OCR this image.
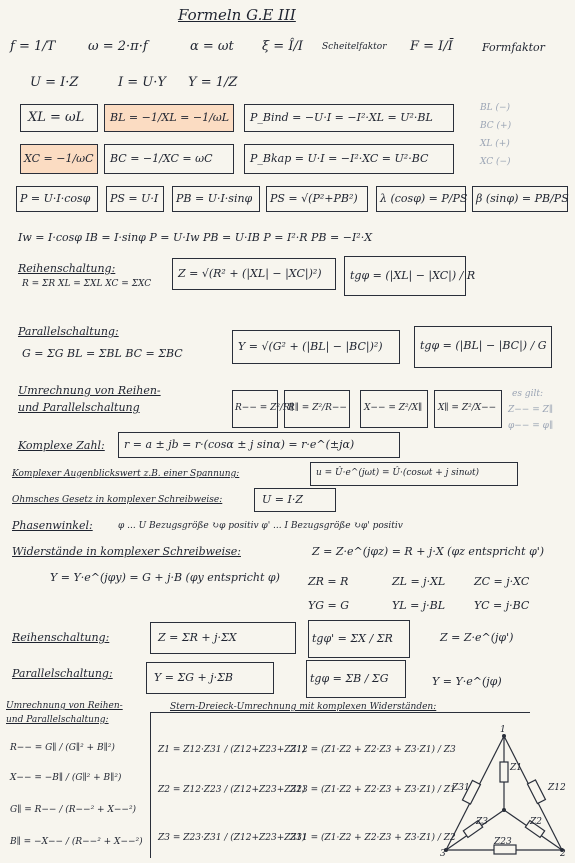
Formeln G.E III
f = 1/T	ω = 2·π·f	α = ωt ξ = Î/I Scheitelfaktor F = I/Ī	Formfaktor
U = I·Z	I = U·Y Y = 1/Z
XL = ωL BL = −1/XL = −1/ωL P_Bind = −U·I = −I²·XL = U²·BL
BL (−)
BC (+)
XL (+)
XC (−)
XC = −1/ωC BC = −1/XC = ωC	P_Bkap = U·I = −I²·XC = U²·BC
P = U·I·cosφ PS = U·I PB = U·I·sinφ PS = √(P²+PB²) λ (cosφ) = P/PS β (sinφ) = PB/PS
Iw = I·cosφ IB = I·sinφ P = U·Iw PB = U·IB P = I²·R PB = −I²·X
Reihenschaltung:
R = ΣR XL = ΣXL XC = ΣXC
Z = √(R² + (|XL| − |XC|)²)	tgφ = (|XL| − |XC|) / R
Parallelschaltung:
G = ΣG BL = ΣBL BC = ΣBC
Y = √(G² + (|BL| − |BC|)²)	tgφ = (|BL| − |BC|) / G
Umrechnung von Reihen-
und Parallelschaltung	R−− = Z²/R∥
R∥ = Z²/R−− X−− = Z²/X∥ X∥ = Z²/X−−
es gilt:
Z−− = Z∥
φ−− = φ∥
Komplexe Zahl: r = a ± jb = r·(cosα ± j sinα) = r·e^(±jα)
Komplexer Augenblickswert z.B. einer Spannung:	u = Û·e^(jωt) = Û·(cosωt + j sinωt)
Ohmsches Gesetz in komplexer Schreibweise:	U = I·Z
Phasenwinkel:	φ ... U Bezugsgröße ↻φ positiv φ' ... I Bezugsgröße ↻φ' positiv
Widerstände in komplexer Schreibweise:	Z = Z·e^(jφz) = R + j·X (φz entspricht φ')
Y = Y·e^(jφy) = G + j·B (φy entspricht φ)	ZR = R	ZL = j·XL	ZC = j·XC
YG = G	YL = j·BL	YC = j·BC
Reihenschaltung:	Z = ΣR + j·ΣX	tgφ' = ΣX / ΣR	Z = Z·e^(jφ')
Parallelschaltung:	Y = ΣG + j·ΣB	tgφ = ΣB / ΣG	Y = Y·e^(jφ)
Umrechnung von Reihen-
und Parallelschaltung:
R−− = G∥ / (G∥² + B∥²)
X−− = −B∥ / (G∥² + B∥²)
G∥ = R−− / (R−−² + X−−²)
B∥ = −X−− / (R−−² + X−−²)
Stern-Dreieck-Umrechnung mit komplexen Widerständen:
Z1 = Z12·Z31 / (Z12+Z23+Z31)
Z2 = Z12·Z23 / (Z12+Z23+Z31)
Z3 = Z23·Z31 / (Z12+Z23+Z31)
Z12 = (Z1·Z2 + Z2·Z3 + Z3·Z1) / Z3
Z23 = (Z1·Z2 + Z2·Z3 + Z3·Z1) / Z1
Z31 = (Z1·Z2 + Z2·Z3 + Z3·Z1) / Z2
1
2
3
Z1
Z2
Z3
Z12
Z23
Z31
